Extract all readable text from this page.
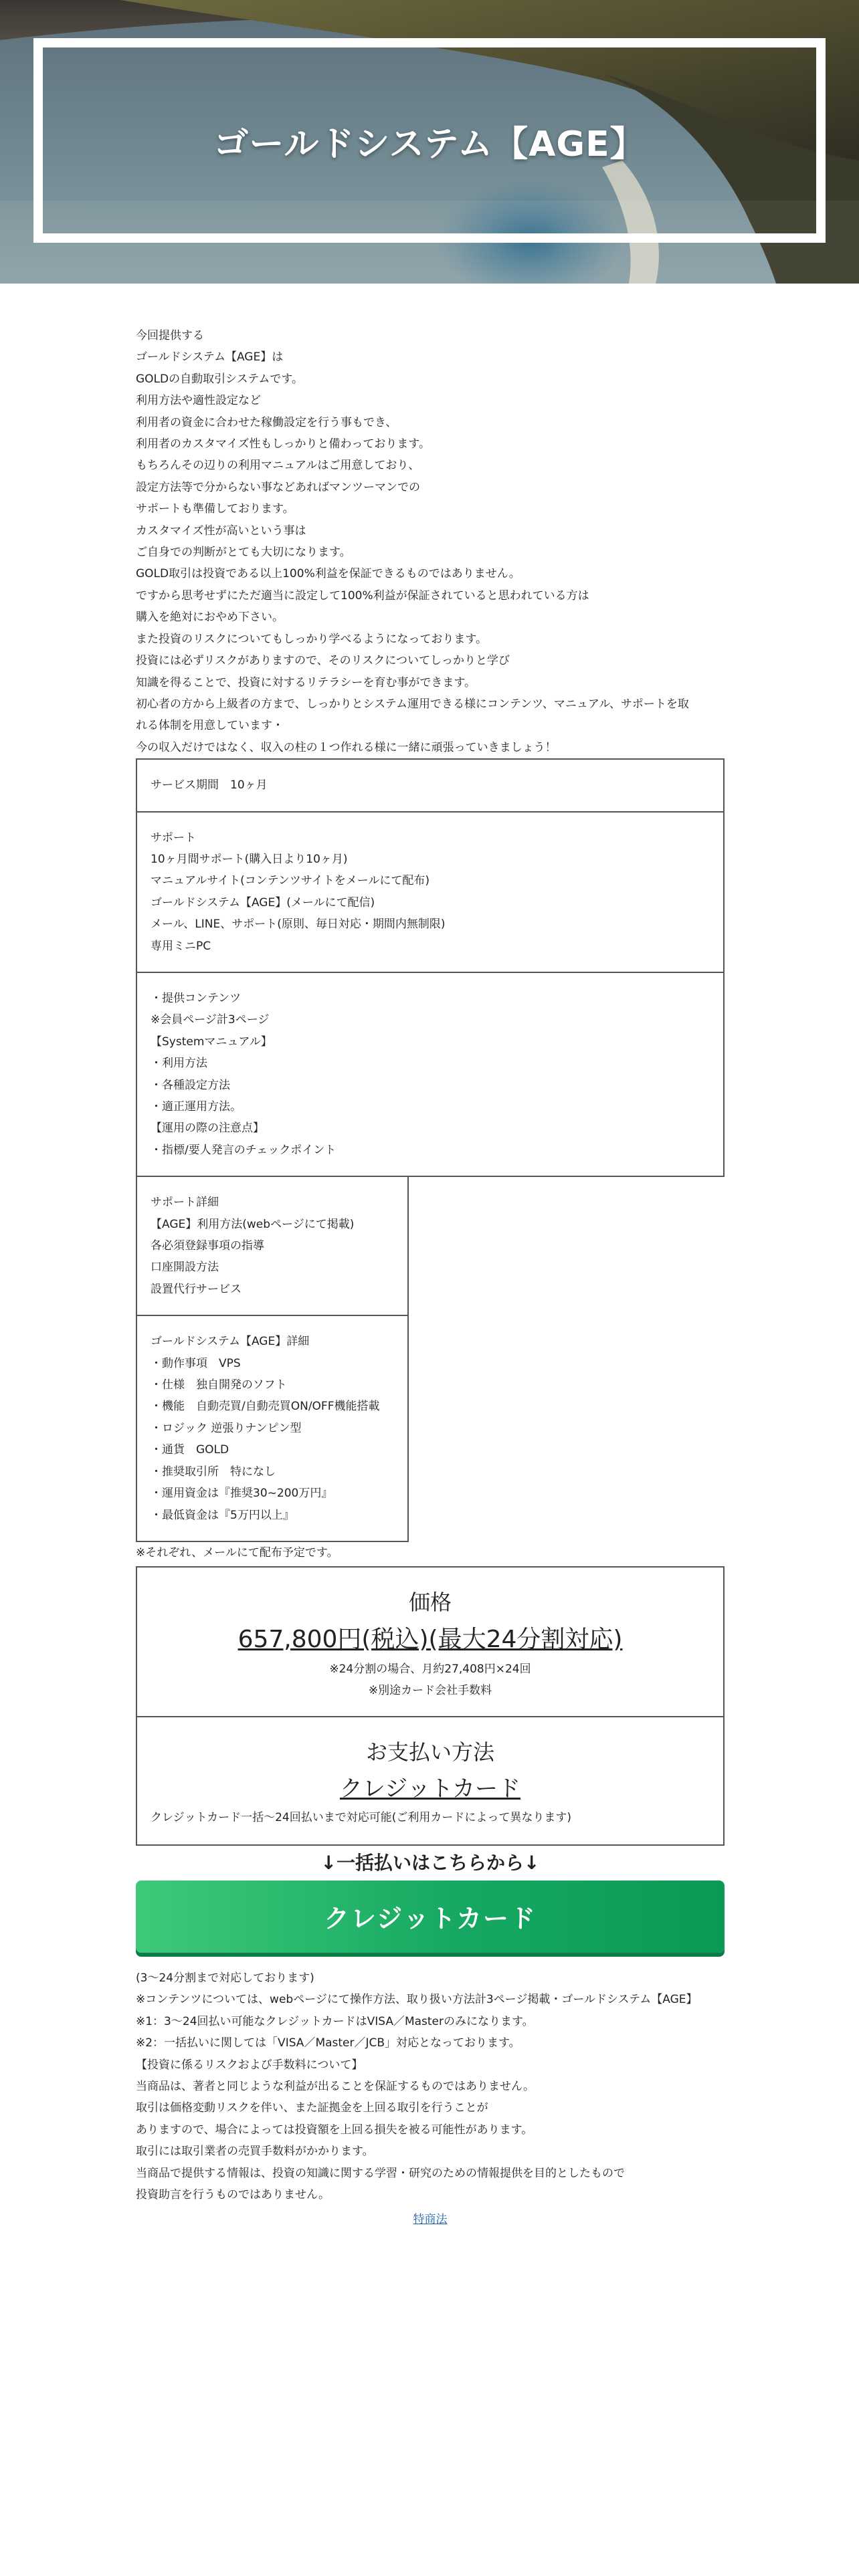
ゴールドシステム【AGE】

今回提供する

ゴールドシステム【AGE】は

GOLDの自動取引システムです。

利用方法や適性設定など

利用者の資金に合わせた稼働設定を行う事もでき、

利用者のカスタマイズ性もしっかりと備わっております。

もちろんその辺りの利用マニュアルはご用意しており、

設定方法等で分からない事などあればマンツーマンでの

サポートも準備しております。

カスタマイズ性が高いという事は

ご自身での判断がとても大切になります。

GOLD取引は投資である以上100%利益を保証できるものではありません。

ですから思考せずにただ適当に設定して100%利益が保証されていると思われている方は

購入を絶対におやめ下さい。

また投資のリスクについてもしっかり学べるようになっております。

投資には必ずリスクがありますので、そのリスクについてしっかりと学び

知識を得ることで、投資に対するリテラシーを育む事ができます。

初心者の方から上級者の方まで、しっかりとシステム運用できる様にコンテンツ、マニュアル、サポートを取

れる体制を用意しています・

今の収入だけではなく、収入の柱の１つ作れる様に一緒に頑張っていきましょう！

サービス期間　10ヶ月

サポート

10ヶ月間サポート(購入日より10ヶ月)

マニュアルサイト(コンテンツサイトをメールにて配布)

ゴールドシステム【AGE】(メールにて配信)

メール、LINE、サポート(原則、毎日対応・期間内無制限)

専用ミニPC

・提供コンテンツ

※会員ページ計3ページ

【Systemマニュアル】

・利用方法

・各種設定方法

・適正運用方法。

【運用の際の注意点】

・指標/要人発言のチェックポイント

サポート詳細

【AGE】利用方法(webページにて掲載)

各必須登録事項の指導

口座開設方法

設置代行サービス

ゴールドシステム【AGE】詳細

・動作事項　VPS

・仕様　独自開発のソフト

・機能　自動売買/自動売買ON/OFF機能搭載

・ロジック 逆張りナンピン型

・通貨　GOLD

・推奨取引所　特になし

・運用資金は『推奨30~200万円』

・最低資金は『5万円以上』

※それぞれ、メールにて配布予定です。

価格
657,800円(税込)(最大24分割対応)
※24分割の場合、月約27,408円×24回
※別途カード会社手数料
お支払い方法
クレジットカード
クレジットカード一括〜24回払いまで対応可能(ご利用カードによって異なります)
↓一括払いはこちらから↓
クレジットカード

(3〜24分割まで対応しております)

※コンテンツについては、webページにて操作方法、取り扱い方法計3ページ掲載・ゴールドシステム【AGE】

※1：3〜24回払い可能なクレジットカードはVISA／Masterのみになります。

※2：一括払いに関しては「VISA／Master／JCB」対応となっております。

【投資に係るリスクおよび手数料について】

当商品は、著者と同じような利益が出ることを保証するものではありません。

取引は価格変動リスクを伴い、また証拠金を上回る取引を行うことが

ありますので、場合によっては投資額を上回る損失を被る可能性があります。

取引には取引業者の売買手数料がかかります。

当商品で提供する情報は、投資の知識に関する学習・研究のための情報提供を目的としたもので

投資助言を行うものではありません。

特商法
